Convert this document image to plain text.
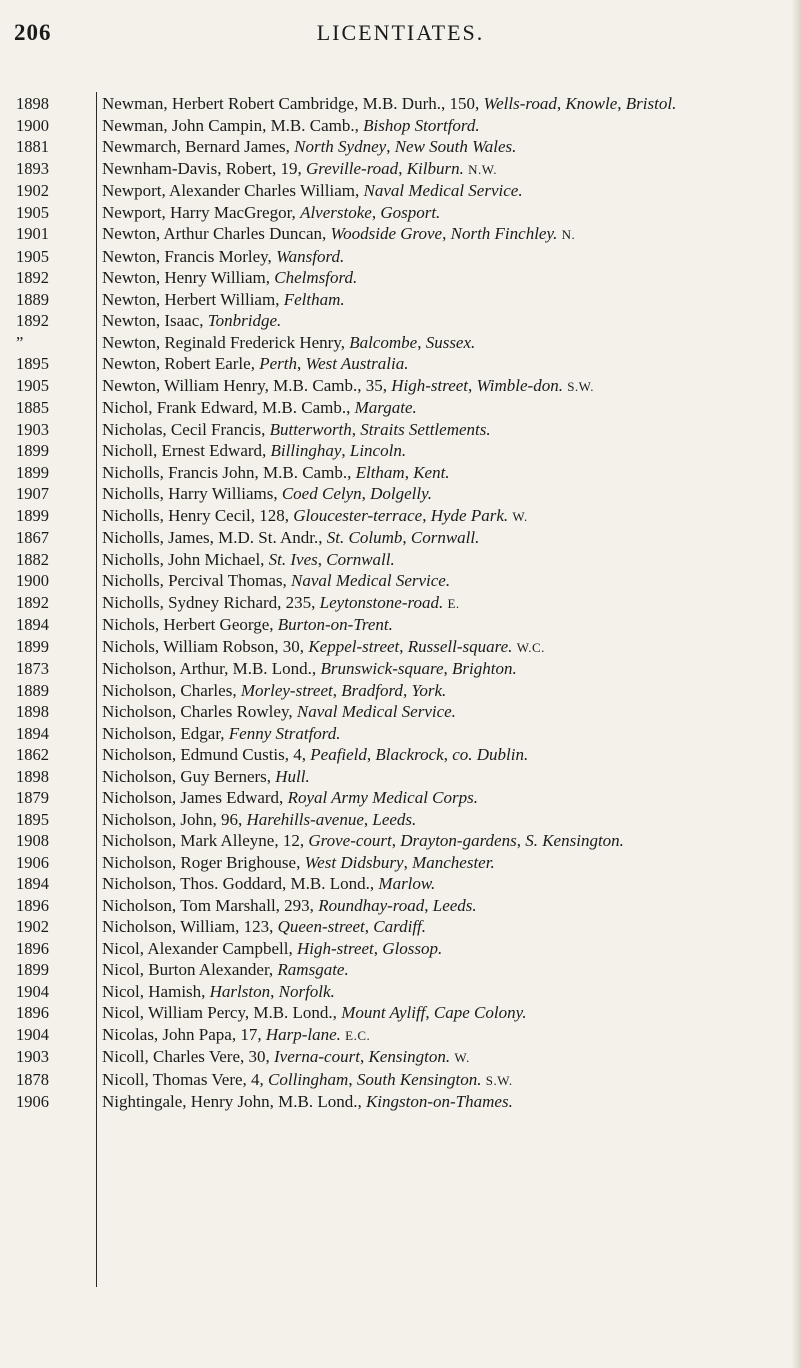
206	LICENTIATES.
1898	Newman, Herbert Robert Cambridge, M.B. Durh., 150, Wells-road, Knowle, Bristol.
1900	Newman, John Campin, M.B. Camb., Bishop Stortford.
1881	Newmarch, Bernard James, North Sydney, New South Wales.
1893	Newnham-Davis, Robert, 19, Greville-road, Kilburn. N.W.
1902	Newport, Alexander Charles William, Naval Medical Service.
1905	Newport, Harry MacGregor, Alverstoke, Gosport.
1901	Newton, Arthur Charles Duncan, Woodside Grove, North Finchley. N.
1905	Newton, Francis Morley, Wansford.
1892	Newton, Henry William, Chelmsford.
1889	Newton, Herbert William, Feltham.
1892	Newton, Isaac, Tonbridge.
”	Newton, Reginald Frederick Henry, Balcombe, Sussex.
1895	Newton, Robert Earle, Perth, West Australia.
1905	Newton, William Henry, M.B. Camb., 35, High-street, Wimble-don. S.W.
1885	Nichol, Frank Edward, M.B. Camb., Margate.
1903	Nicholas, Cecil Francis, Butterworth, Straits Settlements.
1899	Nicholl, Ernest Edward, Billinghay, Lincoln.
1899	Nicholls, Francis John, M.B. Camb., Eltham, Kent.
1907	Nicholls, Harry Williams, Coed Celyn, Dolgelly.
1899	Nicholls, Henry Cecil, 128, Gloucester-terrace, Hyde Park. W.
1867	Nicholls, James, M.D. St. Andr., St. Columb, Cornwall.
1882	Nicholls, John Michael, St. Ives, Cornwall.
1900	Nicholls, Percival Thomas, Naval Medical Service.
1892	Nicholls, Sydney Richard, 235, Leytonstone-road. E.
1894	Nichols, Herbert George, Burton-on-Trent.
1899	Nichols, William Robson, 30, Keppel-street, Russell-square. W.C.
1873	Nicholson, Arthur, M.B. Lond., Brunswick-square, Brighton.
1889	Nicholson, Charles, Morley-street, Bradford, York.
1898	Nicholson, Charles Rowley, Naval Medical Service.
1894	Nicholson, Edgar, Fenny Stratford.
1862	Nicholson, Edmund Custis, 4, Peafield, Blackrock, co. Dublin.
1898	Nicholson, Guy Berners, Hull.
1879	Nicholson, James Edward, Royal Army Medical Corps.
1895	Nicholson, John, 96, Harehills-avenue, Leeds.
1908	Nicholson, Mark Alleyne, 12, Grove-court, Drayton-gardens, S. Kensington.
1906	Nicholson, Roger Brighouse, West Didsbury, Manchester.
1894	Nicholson, Thos. Goddard, M.B. Lond., Marlow.
1896	Nicholson, Tom Marshall, 293, Roundhay-road, Leeds.
1902	Nicholson, William, 123, Queen-street, Cardiff.
1896	Nicol, Alexander Campbell, High-street, Glossop.
1899	Nicol, Burton Alexander, Ramsgate.
1904	Nicol, Hamish, Harlston, Norfolk.
1896	Nicol, William Percy, M.B. Lond., Mount Ayliff, Cape Colony.
1904	Nicolas, John Papa, 17, Harp-lane. E.C.
1903	Nicoll, Charles Vere, 30, Iverna-court, Kensington. W.
1878	Nicoll, Thomas Vere, 4, Collingham, South Kensington. S.W.
1906	Nightingale, Henry John, M.B. Lond., Kingston-on-Thames.
